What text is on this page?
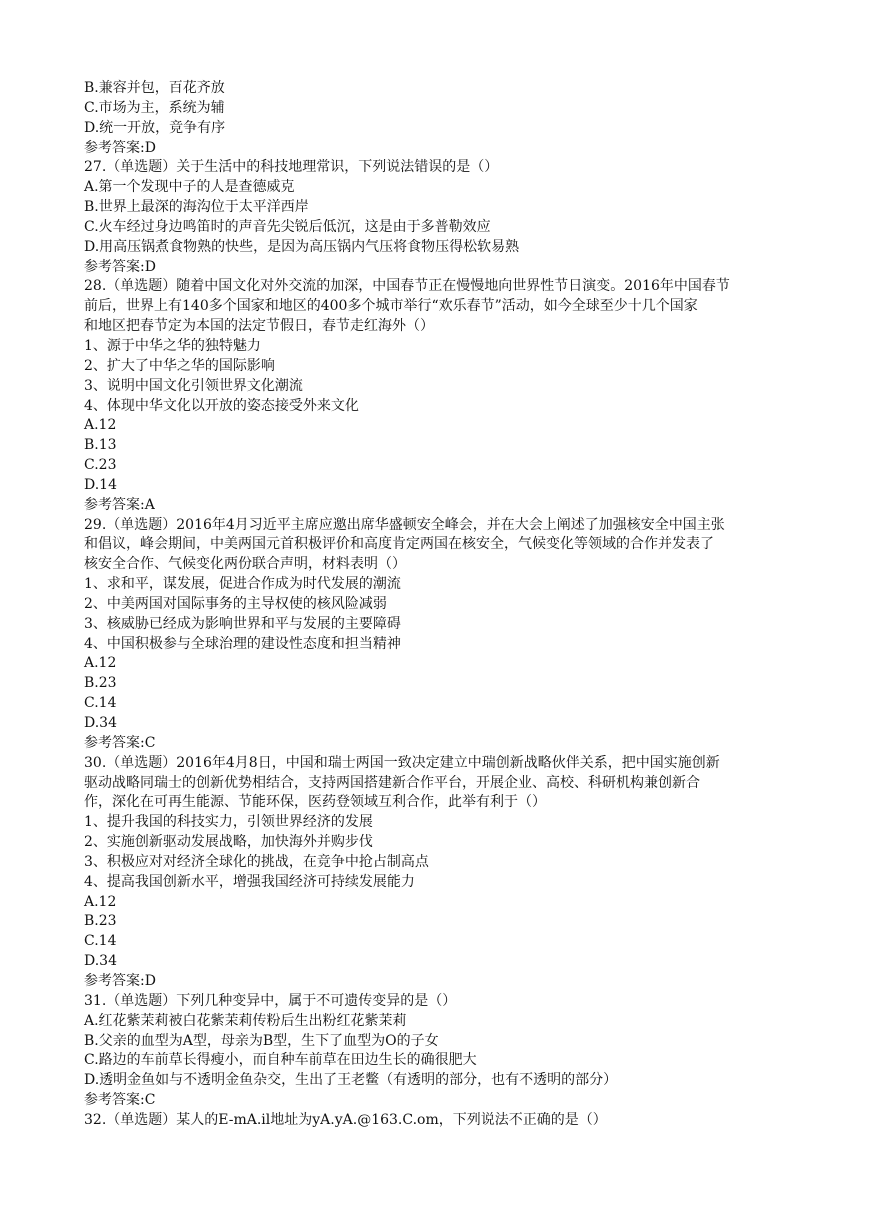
B.兼容并包，百花齐放
C.市场为主，系统为辅
D.统一开放，竞争有序
参考答案:D
27.（单选题）关于生活中的科技地理常识，下列说法错误的是（）
A.第一个发现中子的人是查德威克
B.世界上最深的海沟位于太平洋西岸
C.火车经过身边鸣笛时的声音先尖锐后低沉，这是由于多普勒效应
D.用高压锅煮食物熟的快些，是因为高压锅内气压将食物压得松软易熟
参考答案:D
28.（单选题）随着中国文化对外交流的加深，中国春节正在慢慢地向世界性节日演变。2016年中国春节
前后，世界上有140多个国家和地区的400多个城市举行“欢乐春节”活动，如今全球至少十几个国家
和地区把春节定为本国的法定节假日，春节走红海外（）
1、源于中华之华的独特魅力
2、扩大了中华之华的国际影响
3、说明中国文化引领世界文化潮流
4、体现中华文化以开放的姿态接受外来文化
A.12
B.13
C.23
D.14
参考答案:A
29.（单选题）2016年4月习近平主席应邀出席华盛顿安全峰会，并在大会上阐述了加强核安全中国主张
和倡议，峰会期间，中美两国元首积极评价和高度肯定两国在核安全，气候变化等领域的合作并发表了
核安全合作、气候变化两份联合声明，材料表明（）
1、求和平，谋发展，促进合作成为时代发展的潮流
2、中美两国对国际事务的主导权使的核风险减弱
3、核威胁已经成为影响世界和平与发展的主要障碍
4、中国积极参与全球治理的建设性态度和担当精神
A.12
B.23
C.14
D.34
参考答案:C
30.（单选题）2016年4月8日，中国和瑞士两国一致决定建立中瑞创新战略伙伴关系，把中国实施创新
驱动战略同瑞士的创新优势相结合，支持两国搭建新合作平台，开展企业、高校、科研机构兼创新合
作，深化在可再生能源、节能环保，医药登领域互利合作，此举有利于（）
1、提升我国的科技实力，引领世界经济的发展
2、实施创新驱动发展战略，加快海外并购步伐
3、积极应对对经济全球化的挑战，在竞争中抢占制高点
4、提高我国创新水平，增强我国经济可持续发展能力
A.12
B.23
C.14
D.34
参考答案:D
31.（单选题）下列几种变异中，属于不可遗传变异的是（）
A.红花紫茉莉被白花紫茉莉传粉后生出粉红花紫茉莉
B.父亲的血型为A型，母亲为B型，生下了血型为O的子女
C.路边的车前草长得瘦小，而自种车前草在田边生长的确很肥大
D.透明金鱼如与不透明金鱼杂交，生出了王老鳖（有透明的部分，也有不透明的部分）
参考答案:C
32.（单选题）某人的E-mA.il地址为yA.yA.@163.C.om，下列说法不正确的是（）
